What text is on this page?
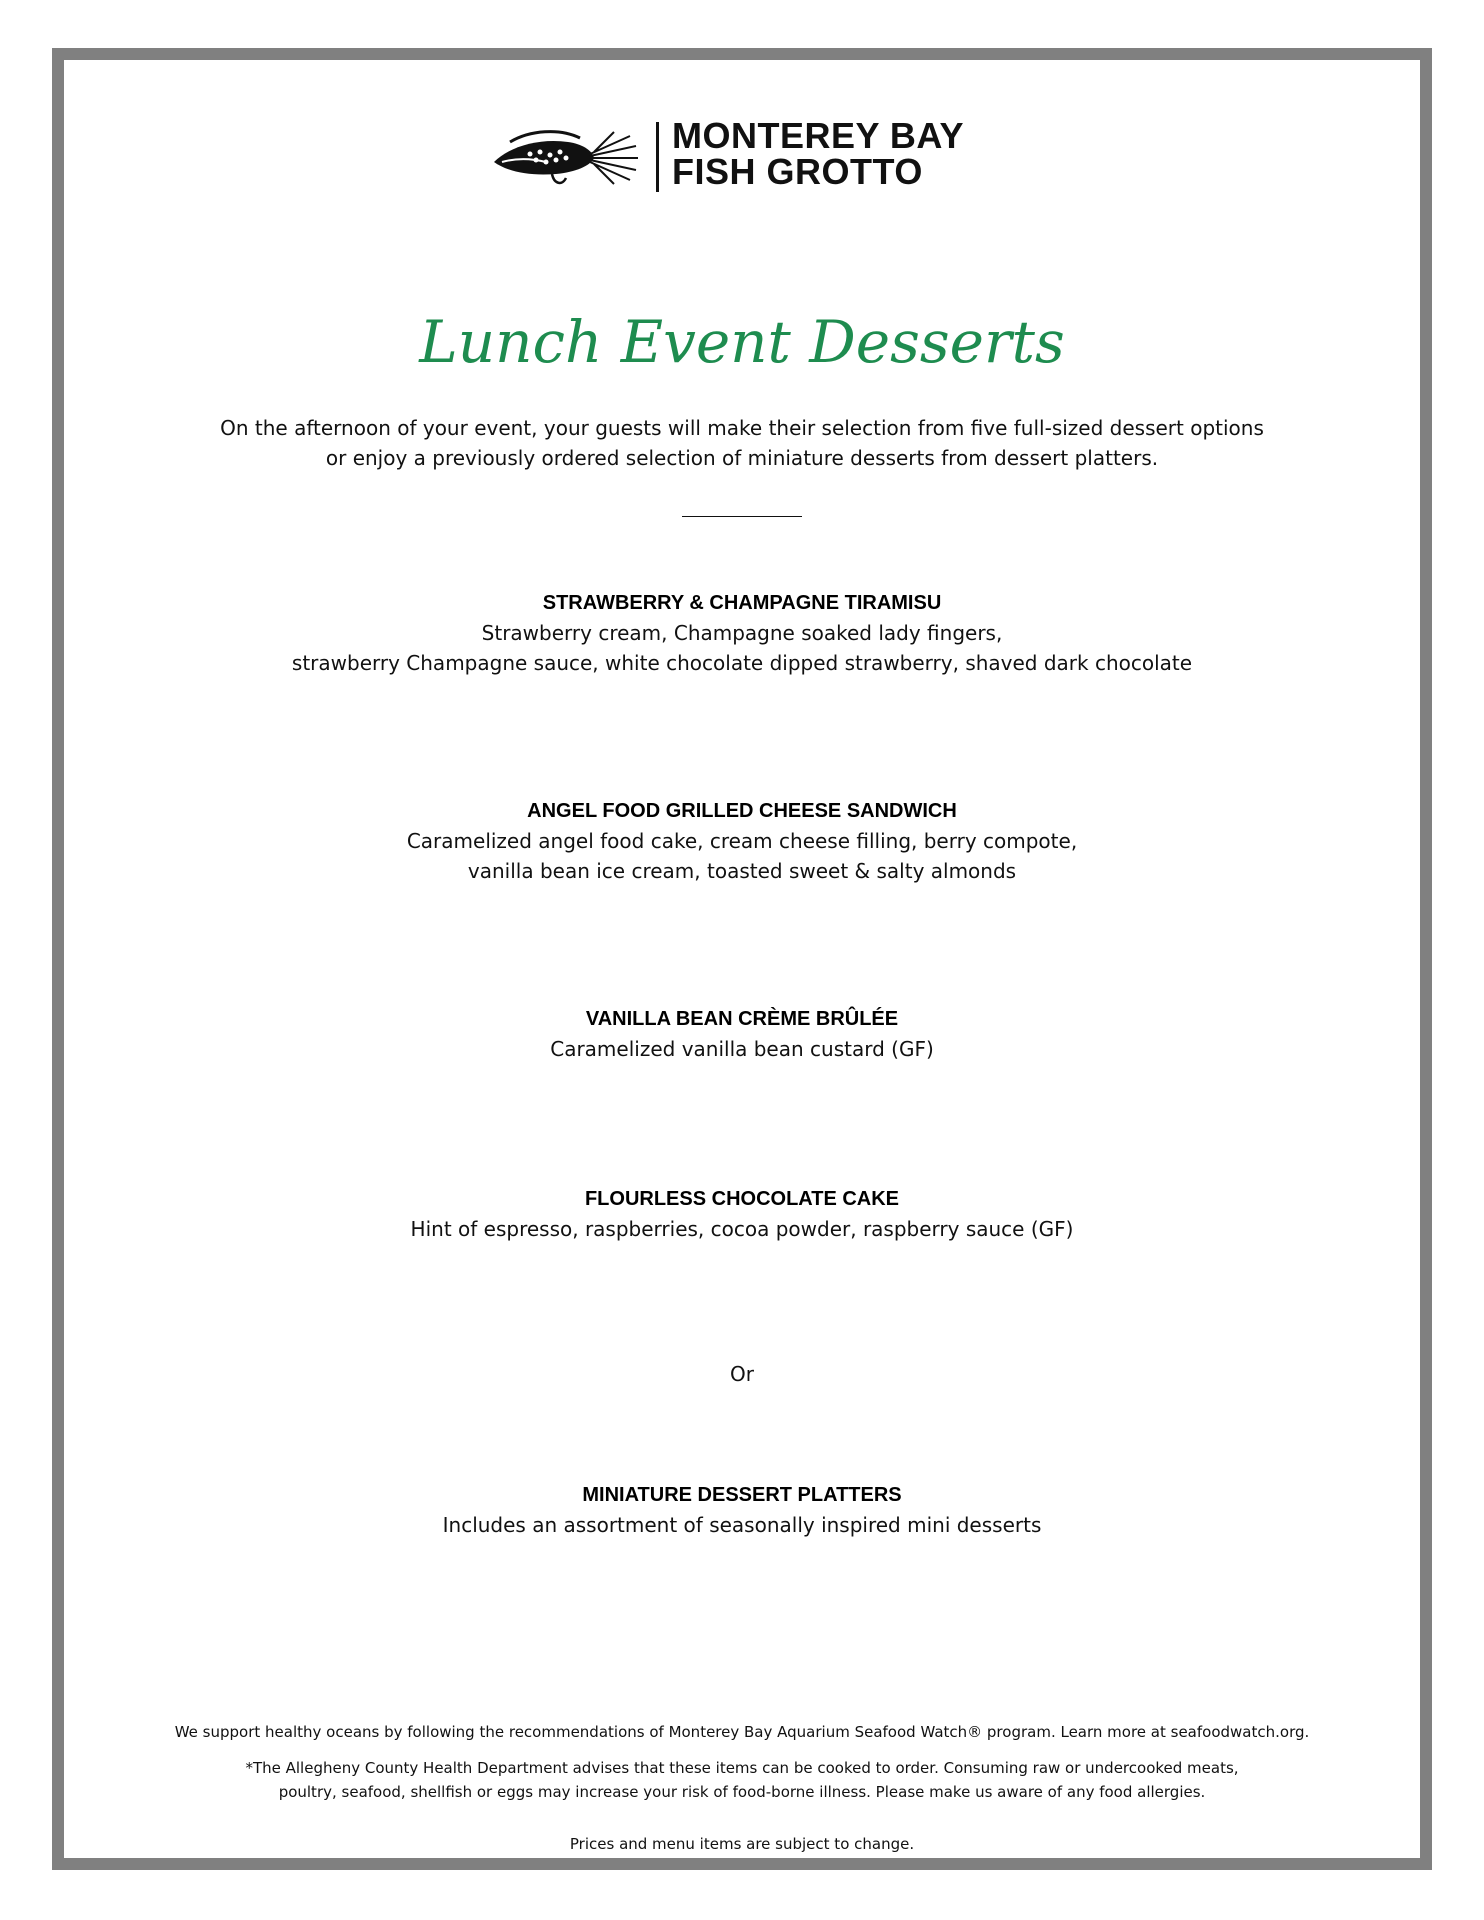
MONTEREY BAY
FISH GROTTO
Lunch Event Desserts
On the afternoon of your event, your guests will make their selection from five full-sized dessert options
or enjoy a previously ordered selection of miniature desserts from dessert platters.
STRAWBERRY & CHAMPAGNE TIRAMISU
Strawberry cream, Champagne soaked lady fingers,
strawberry Champagne sauce, white chocolate dipped strawberry, shaved dark chocolate
ANGEL FOOD GRILLED CHEESE SANDWICH
Caramelized angel food cake, cream cheese filling, berry compote,
vanilla bean ice cream, toasted sweet & salty almonds
VANILLA BEAN CRÈME BRÛLÉE
Caramelized vanilla bean custard (GF)
FLOURLESS CHOCOLATE CAKE
Hint of espresso, raspberries, cocoa powder, raspberry sauce (GF)
Or
MINIATURE DESSERT PLATTERS
Includes an assortment of seasonally inspired mini desserts
We support healthy oceans by following the recommendations of Monterey Bay Aquarium Seafood Watch® program. Learn more at seafoodwatch.org.
*The Allegheny County Health Department advises that these items can be cooked to order. Consuming raw or undercooked meats,
poultry, seafood, shellfish or eggs may increase your risk of food-borne illness. Please make us aware of any food allergies.
Prices and menu items are subject to change.
